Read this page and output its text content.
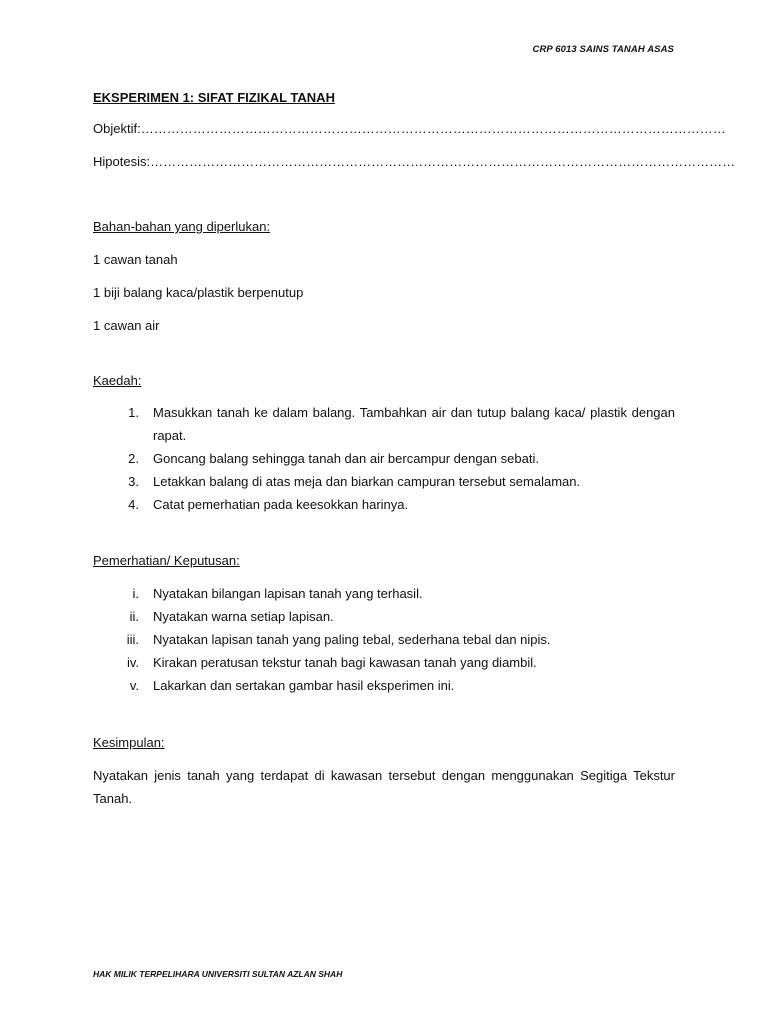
CRP 6013 SAINS TANAH ASAS
EKSPERIMEN 1: SIFAT FIZIKAL TANAH
Objektif: ………………………………………………………………………………………………………………………
Hipotesis: ………………………………………………………………………………………………………………………

Bahan-bahan yang diperlukan:

1 cawan tanah

1 biji balang kaca/plastik berpenutup

1 cawan air

Kaedah:

1.	Masukkan tanah ke dalam balang. Tambahkan air dan tutup balang kaca/ plastik dengan rapat.
2.	Goncang balang sehingga tanah dan air bercampur dengan sebati.
3.	Letakkan balang di atas meja dan biarkan campuran tersebut semalaman.
4.	Catat pemerhatian pada keesokkan harinya.

Pemerhatian/ Keputusan:

i.	Nyatakan bilangan lapisan tanah yang terhasil.
ii.	Nyatakan warna setiap lapisan.
iii.	Nyatakan lapisan tanah yang paling tebal, sederhana tebal dan nipis.
iv.	Kirakan peratusan tekstur tanah bagi kawasan tanah yang diambil.
v.	Lakarkan dan sertakan gambar hasil eksperimen ini.

Kesimpulan:

Nyatakan jenis tanah yang terdapat di kawasan tersebut dengan menggunakan Segitiga Tekstur Tanah.

HAK MILIK TERPELIHARA UNIVERSITI SULTAN AZLAN SHAH
